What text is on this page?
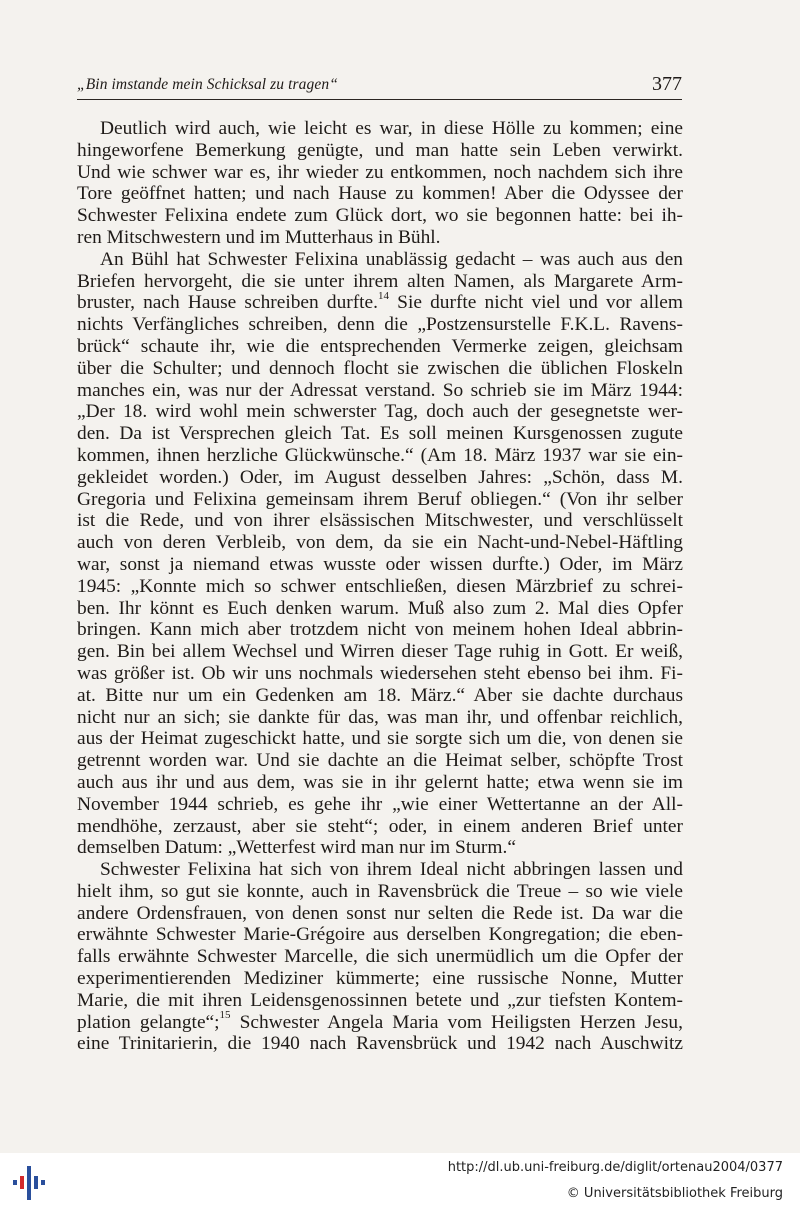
„Bin imstande mein Schicksal zu tragen“	377
Deutlich wird auch, wie leicht es war, in diese Hölle zu kommen; eine
hingeworfene Bemerkung genügte, und man hatte sein Leben verwirkt.
Und wie schwer war es, ihr wieder zu entkommen, noch nachdem sich ihre
Tore geöffnet hatten; und nach Hause zu kommen! Aber die Odyssee der
Schwester Felixina endete zum Glück dort, wo sie begonnen hatte: bei ih-
ren Mitschwestern und im Mutterhaus in Bühl.
An Bühl hat Schwester Felixina unablässig gedacht – was auch aus den
Briefen hervorgeht, die sie unter ihrem alten Namen, als Margarete Arm-
bruster, nach Hause schreiben durfte.$^{14}$ Sie durfte nicht viel und vor allem
nichts Verfängliches schreiben, denn die „Postzensurstelle F.K.L. Ravens-
brück“ schaute ihr, wie die entsprechenden Vermerke zeigen, gleichsam
über die Schulter; und dennoch flocht sie zwischen die üblichen Floskeln
manches ein, was nur der Adressat verstand. So schrieb sie im März 1944:
„Der 18. wird wohl mein schwerster Tag, doch auch der gesegnetste wer-
den. Da ist Versprechen gleich Tat. Es soll meinen Kursgenossen zugute
kommen, ihnen herzliche Glückwünsche.“ (Am 18. März 1937 war sie ein-
gekleidet worden.) Oder, im August desselben Jahres: „Schön, dass M.
Gregoria und Felixina gemeinsam ihrem Beruf obliegen.“ (Von ihr selber
ist die Rede, und von ihrer elsässischen Mitschwester, und verschlüsselt
auch von deren Verbleib, von dem, da sie ein Nacht-und-Nebel-Häftling
war, sonst ja niemand etwas wusste oder wissen durfte.) Oder, im März
1945: „Konnte mich so schwer entschließen, diesen Märzbrief zu schrei-
ben. Ihr könnt es Euch denken warum. Muß also zum 2. Mal dies Opfer
bringen. Kann mich aber trotzdem nicht von meinem hohen Ideal abbrin-
gen. Bin bei allem Wechsel und Wirren dieser Tage ruhig in Gott. Er weiß,
was größer ist. Ob wir uns nochmals wiedersehen steht ebenso bei ihm. Fi-
at. Bitte nur um ein Gedenken am 18. März.“ Aber sie dachte durchaus
nicht nur an sich; sie dankte für das, was man ihr, und offenbar reichlich,
aus der Heimat zugeschickt hatte, und sie sorgte sich um die, von denen sie
getrennt worden war. Und sie dachte an die Heimat selber, schöpfte Trost
auch aus ihr und aus dem, was sie in ihr gelernt hatte; etwa wenn sie im
November 1944 schrieb, es gehe ihr „wie einer Wettertanne an der All-
mendhöhe, zerzaust, aber sie steht“; oder, in einem anderen Brief unter
demselben Datum: „Wetterfest wird man nur im Sturm.“
Schwester Felixina hat sich von ihrem Ideal nicht abbringen lassen und
hielt ihm, so gut sie konnte, auch in Ravensbrück die Treue – so wie viele
andere Ordensfrauen, von denen sonst nur selten die Rede ist. Da war die
erwähnte Schwester Marie-Grégoire aus derselben Kongregation; die eben-
falls erwähnte Schwester Marcelle, die sich unermüdlich um die Opfer der
experimentierenden Mediziner kümmerte; eine russische Nonne, Mutter
Marie, die mit ihren Leidensgenossinnen betete und „zur tiefsten Kontem-
plation gelangte“;$^{15}$ Schwester Angela Maria vom Heiligsten Herzen Jesu,
eine Trinitarierin, die 1940 nach Ravensbrück und 1942 nach Auschwitz
http://dl.ub.uni-freiburg.de/diglit/ortenau2004/0377
© Universitätsbibliothek Freiburg
